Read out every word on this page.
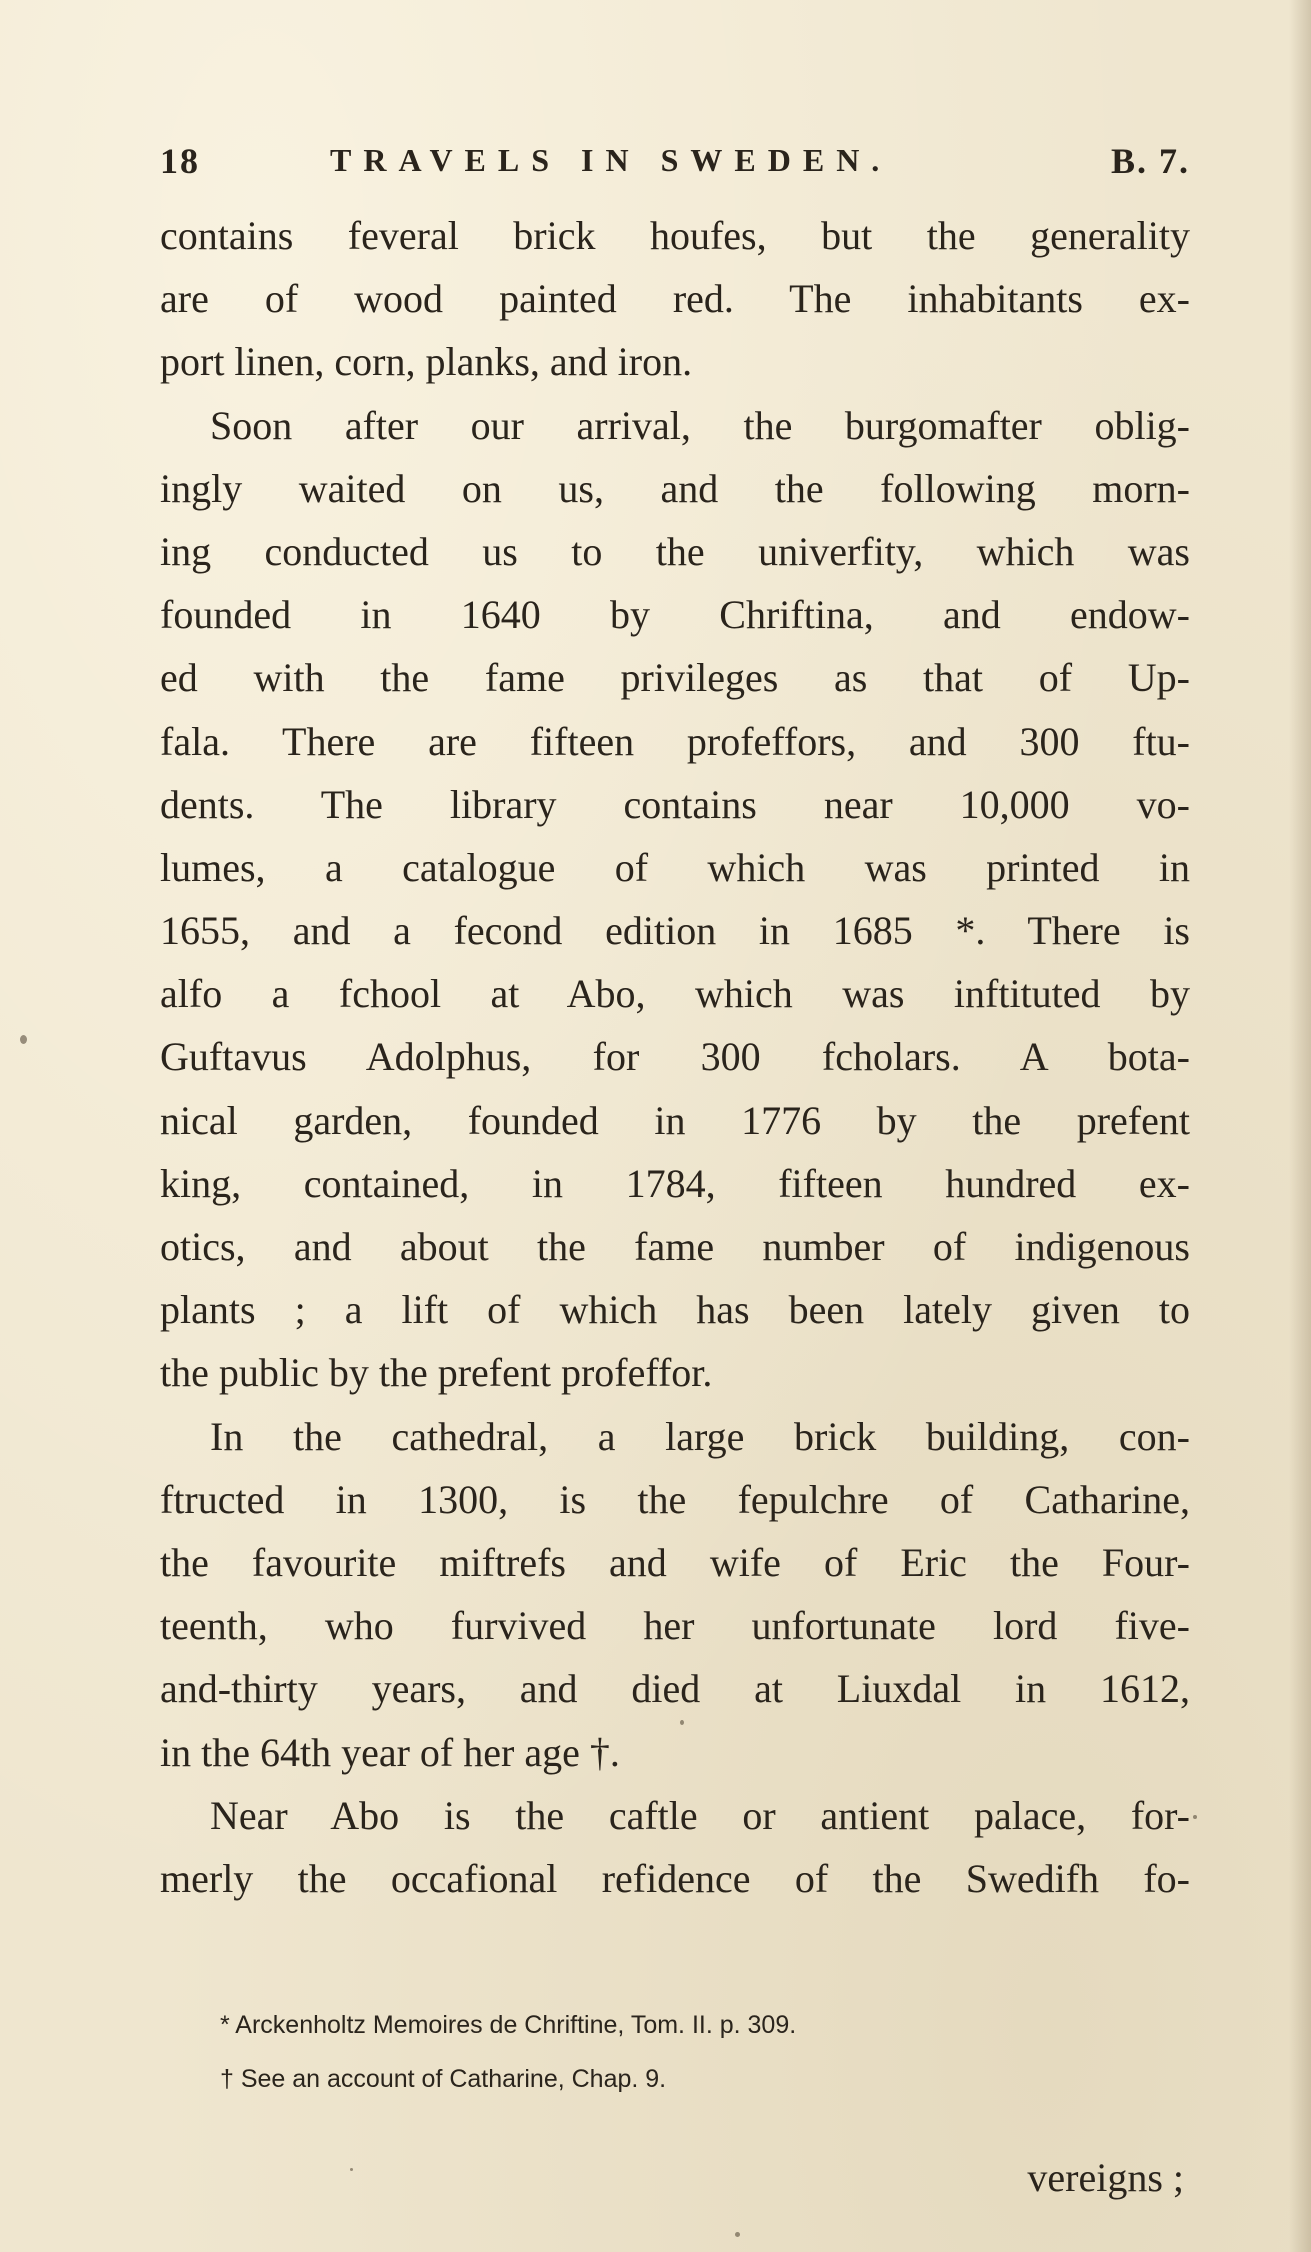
18	TRAVELS IN SWEDEN.	B. 7.
contains feveral brick houfes, but the generality
are of wood painted red. The inhabitants ex-
port linen, corn, planks, and iron.
Soon after our arrival, the burgomafter oblig-
ingly waited on us, and the following morn-
ing conducted us to the univerfity, which was
founded in 1640 by Chriftina, and endow-
ed with the fame privileges as that of Up-
fala. There are fifteen profeffors, and 300 ftu-
dents. The library contains near 10,000 vo-
lumes, a catalogue of which was printed in
1655, and a fecond edition in 1685 *. There is
alfo a fchool at Abo, which was inftituted by
Guftavus Adolphus, for 300 fcholars. A bota-
nical garden, founded in 1776 by the prefent
king, contained, in 1784, fifteen hundred ex-
otics, and about the fame number of indigenous
plants ; a lift of which has been lately given to
the public by the prefent profeffor.
In the cathedral, a large brick building, con-
ftructed in 1300, is the fepulchre of Catharine,
the favourite miftrefs and wife of Eric the Four-
teenth, who furvived her unfortunate lord five-
and-thirty years, and died at Liuxdal in 1612,
in the 64th year of her age †.
Near Abo is the caftle or antient palace, for-
merly the occafional refidence of the Swedifh fo-
* Arckenholtz Memoires de Chriftine, Tom. II. p. 309.
† See an account of Catharine, Chap. 9.
vereigns ;
